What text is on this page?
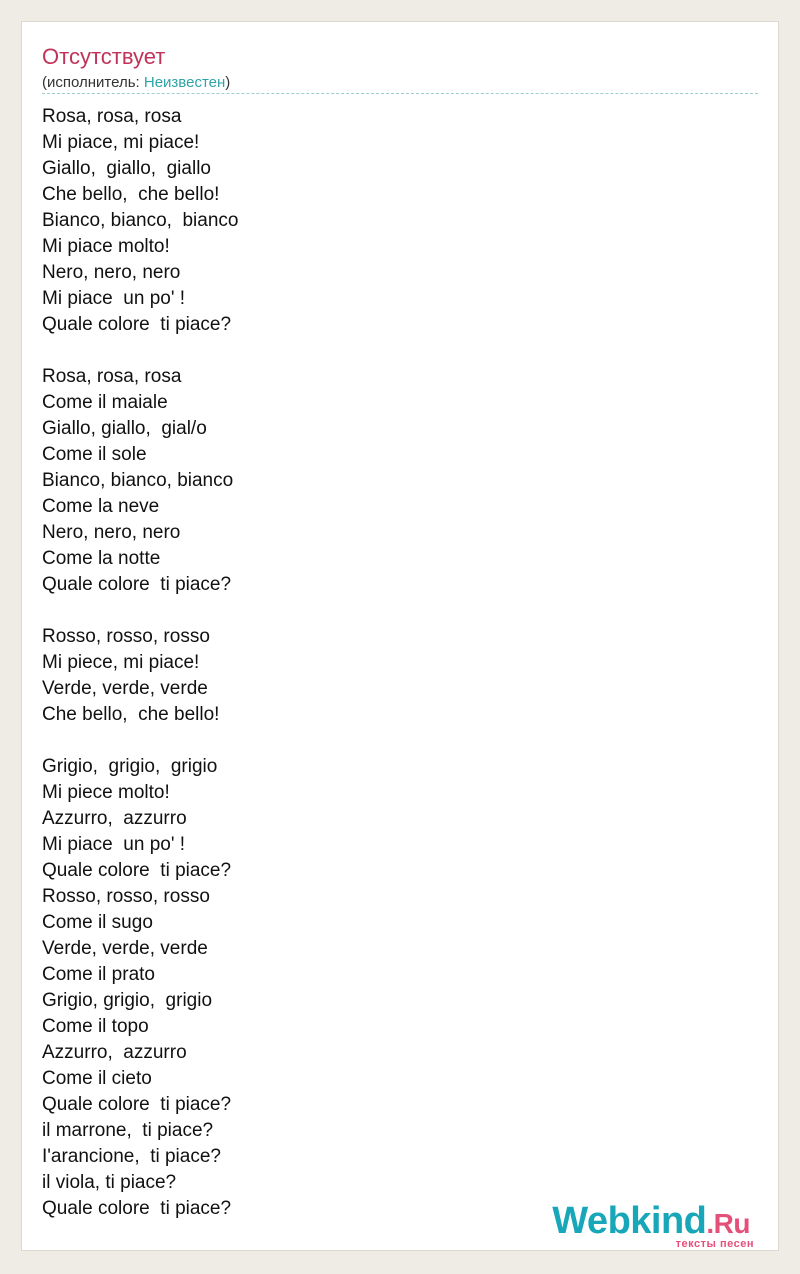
Отсутствует
(исполнитель: Неизвестен)
Rosa, rosa, rosa
Mi piace, mi piace!
Giallo,  giallo,  giallo
Che bello,  che bello!
Bianco, bianco,  bianco
Mi piace molto!
Nero, nero, nero
Mi piace  un po' !
Quale colore  ti piace?
Rosa, rosa, rosa
Come il maiale
Giallo, giallo,  gial/o
Come il sole
Bianco, bianco, bianco
Come la neve
Nero, nero, nero
Come la notte
Quale colore  ti piace?
Rosso, rosso, rosso
Mi piece, mi piace!
Verde, verde, verde
Che bello,  che bello!
Grigio,  grigio,  grigio
Mi piece molto!
Azzurro,  azzurro
Mi piace  un po' !
Quale colore  ti piace?
Rosso, rosso, rosso
Come il sugo
Verde, verde, verde
Come il prato
Grigio, grigio,  grigio
Come il topo
Azzurro,  azzurro
Come il cieto
Quale colore  ti piace?
il marrone,  ti piace?
I'arancione,  ti piace?
il viola, ti piace?
Quale colore  ti piace?	Webkind.Ru
тексты песен
